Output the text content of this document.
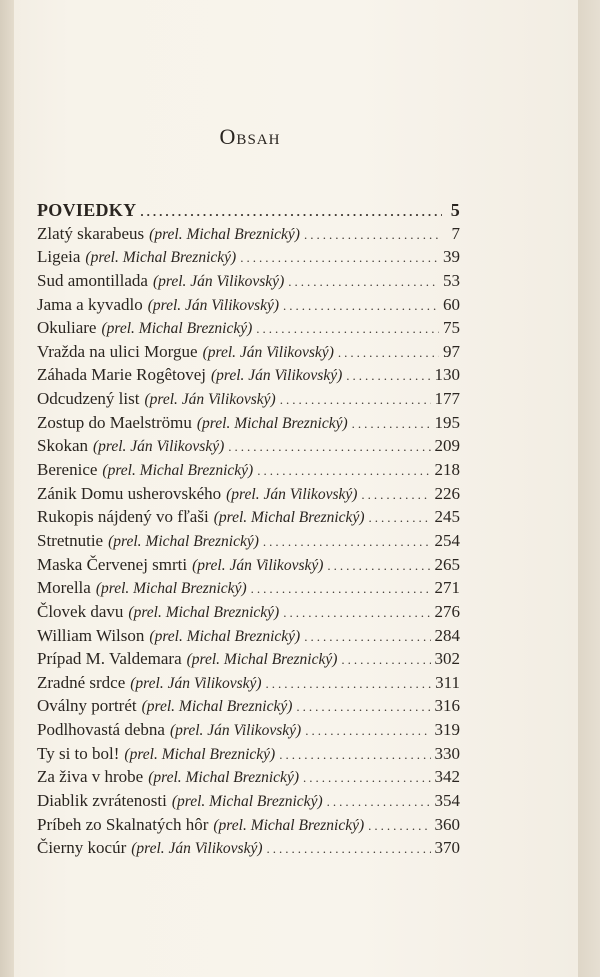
Obsah
POVIEDKY .....	5
Zlatý skarabeus (prel. Michal Breznický) .....	7
Ligeia (prel. Michal Breznický) .....	39
Sud amontillada (prel. Ján Vilikovský) .....	53
Jama a kyvadlo (prel. Ján Vilikovský) .....	60
Okuliare (prel. Michal Breznický) .....	75
Vražda na ulici Morgue (prel. Ján Vilikovský) .....	97
Záhada Marie Rogêtovej (prel. Ján Vilikovský) .....	130
Odcudzený list (prel. Ján Vilikovský) .....	177
Zostup do Maelströmu (prel. Michal Breznický) .....	195
Skokan (prel. Ján Vilikovský) .....	209
Berenice (prel. Michal Breznický) .....	218
Zánik Domu usherovského (prel. Ján Vilikovský) .....	226
Rukopis nájdený vo fľaši (prel. Michal Breznický) .....	245
Stretnutie (prel. Michal Breznický) .....	254
Maska Červenej smrti (prel. Ján Vilikovský) .....	265
Morella (prel. Michal Breznický) .....	271
Človek davu (prel. Michal Breznický) .....	276
William Wilson (prel. Michal Breznický) .....	284
Prípad M. Valdemara (prel. Michal Breznický) .....	302
Zradné srdce (prel. Ján Vilikovský) .....	311
Oválny portrét (prel. Michal Breznický) .....	316
Podlhovastá debna (prel. Ján Vilikovský) .....	319
Ty si to bol! (prel. Michal Breznický) .....	330
Za živa v hrobe (prel. Michal Breznický) .....	342
Diablik zvrátenosti (prel. Michal Breznický) .....	354
Príbeh zo Skalnatých hôr (prel. Michal Breznický) .....	360
Čierny kocúr (prel. Ján Vilikovský) .....	370
